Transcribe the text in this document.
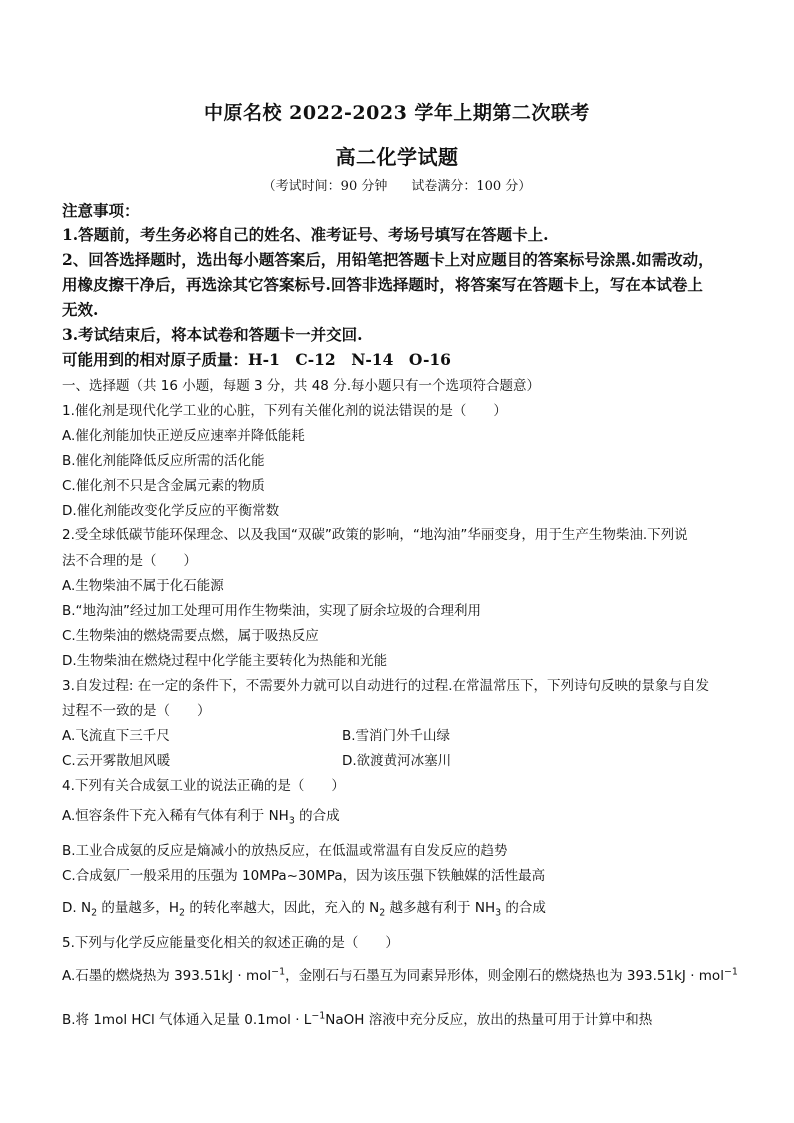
中原名校 2022-2023 学年上期第二次联考
高二化学试题
（考试时间：90 分钟 试卷满分：100 分）
注意事项：
1.答题前，考生务必将自己的姓名、准考证号、考场号填写在答题卡上.
2、回答选择题时，选出每小题答案后，用铅笔把答题卡上对应题目的答案标号涂黑.如需改动，
用橡皮擦干净后，再选涂其它答案标号.回答非选择题时，将答案写在答题卡上，写在本试卷上
无效.
3.考试结束后，将本试卷和答题卡一并交回.
可能用到的相对原子质量：H-1　C-12　N-14　O-16
一、选择题（共 16 小题，每题 3 分，共 48 分.每小题只有一个选项符合题意）
1.催化剂是现代化学工业的心脏，下列有关催化剂的说法错误的是（　　）
A.催化剂能加快正逆反应速率并降低能耗
B.催化剂能降低反应所需的活化能
C.催化剂不只是含金属元素的物质
D.催化剂能改变化学反应的平衡常数
2.受全球低碳节能环保理念、以及我国“双碳”政策的影响，“地沟油”华丽变身，用于生产生物柴油.下列说
法不合理的是（　　）
A.生物柴油不属于化石能源
B.“地沟油”经过加工处理可用作生物柴油，实现了厨余垃圾的合理利用
C.生物柴油的燃烧需要点燃，属于吸热反应
D.生物柴油在燃烧过程中化学能主要转化为热能和光能
3.自发过程: 在一定的条件下，不需要外力就可以自动进行的过程.在常温常压下，下列诗句反映的景象与自发
过程不一致的是（　　）
A.飞流直下三千尺	B.雪消门外千山绿
C.云开雾散旭风暖	D.欲渡黄河冰塞川
4.下列有关合成氨工业的说法正确的是（　　）
A.恒容条件下充入稀有气体有利于 $NH_3$ 的合成
B.工业合成氨的反应是熵减小的放热反应，在低温或常温有自发反应的趋势
C.合成氨厂一般采用的压强为 10MPa~30MPa，因为该压强下铁触媒的活性最高
D. $N_2$ 的量越多，$H_2$ 的转化率越大，因此，充入的 $N_2$ 越多越有利于 $NH_3$ 的合成
5.下列与化学反应能量变化相关的叙述正确的是（　　）
A.石墨的燃烧热为 393.51kJ · mol$^{-1}$，金刚石与石墨互为同素异形体，则金刚石的燃烧热也为 393.51kJ · mol$^{-1}$
B.将 1mol HCl 气体通入足量 $0.1mol \cdot L^{-1}NaOH$ 溶液中充分反应，放出的热量可用于计算中和热
